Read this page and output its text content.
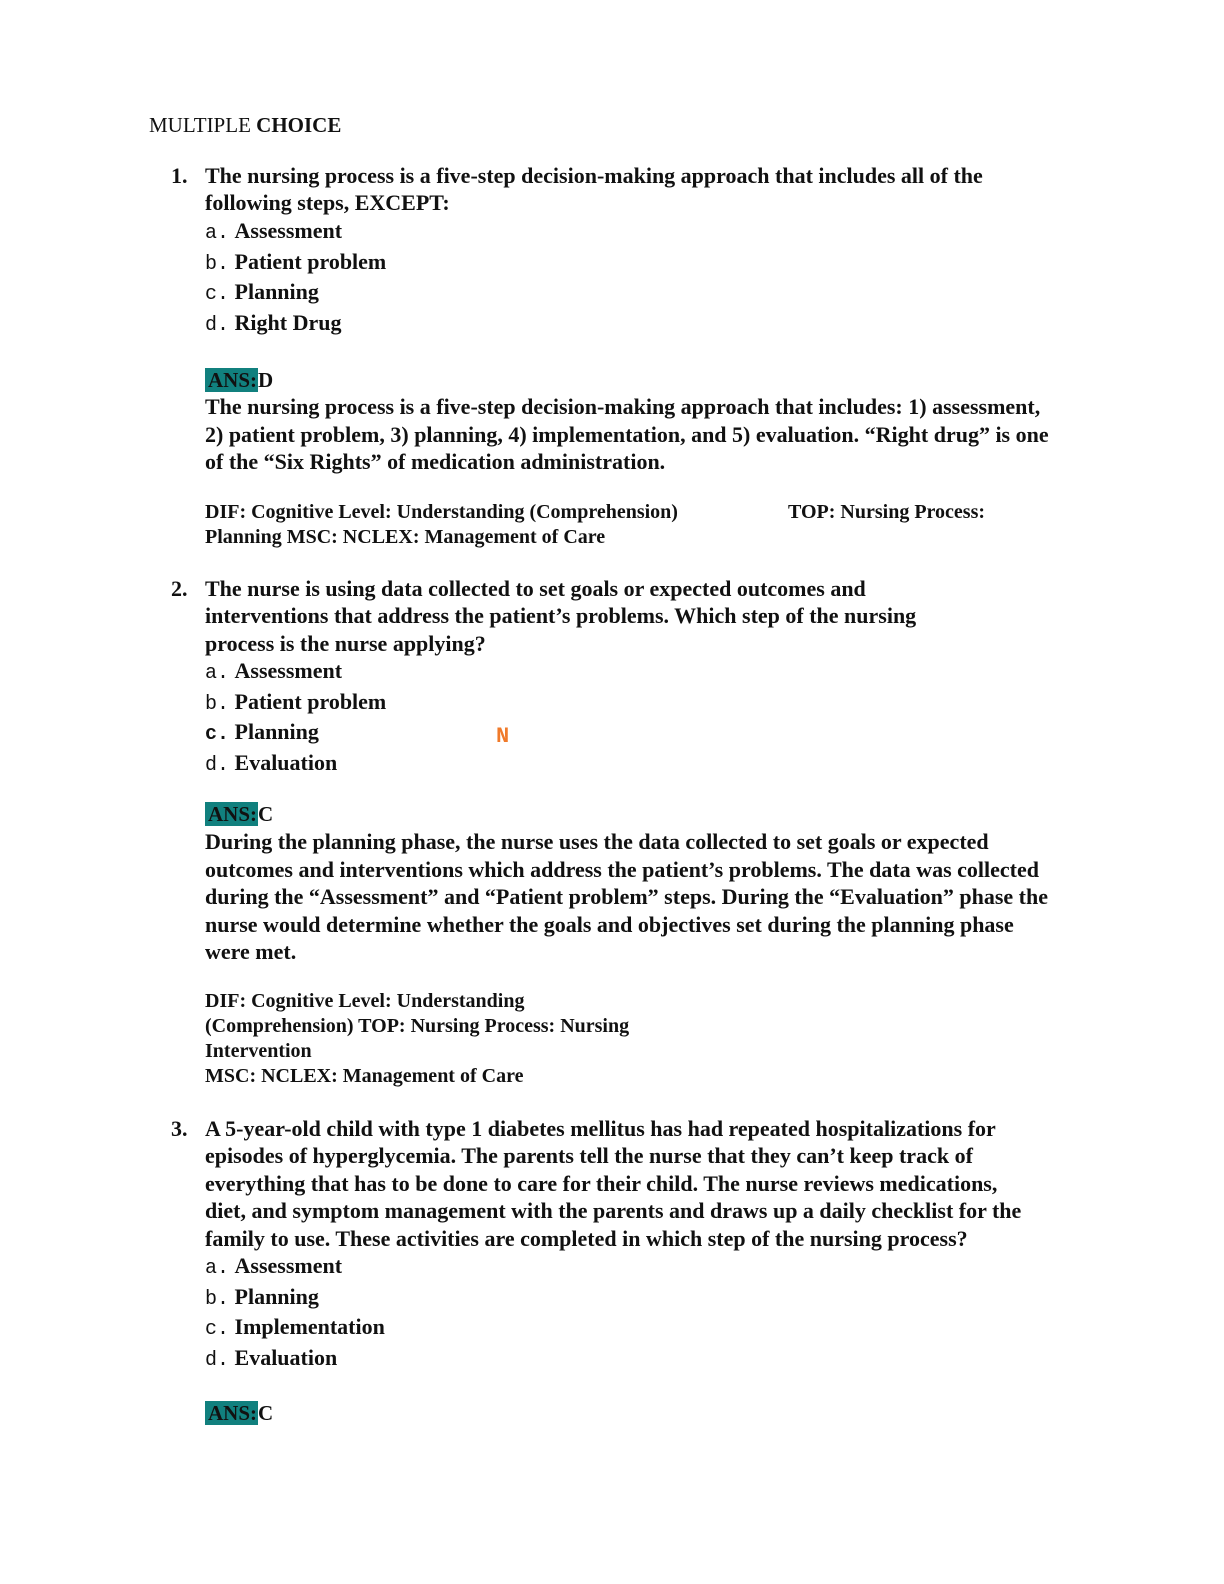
MULTIPLE CHOICE
1. The nursing process is a five-step decision-making approach that includes all of the
following steps, EXCEPT:
a. Assessment
b. Patient problem
c. Planning
d. Right Drug
ANS:D
The nursing process is a five-step decision-making approach that includes: 1) assessment,
2) patient problem, 3) planning, 4) implementation, and 5) evaluation. “Right drug” is one
of the “Six Rights” of medication administration.
DIF: Cognitive Level: Understanding (Comprehension)	TOP: Nursing Process:
Planning MSC: NCLEX: Management of Care
2. The nurse is using data collected to set goals or expected outcomes and
interventions that address the patient’s problems. Which step of the nursing
process is the nurse applying?
a. Assessment
b. Patient problem
c. Planning
d. Evaluation
N
ANS:C
During the planning phase, the nurse uses the data collected to set goals or expected
outcomes and interventions which address the patient’s problems. The data was collected
during the “Assessment” and “Patient problem” steps. During the “Evaluation” phase the
nurse would determine whether the goals and objectives set during the planning phase
were met.
DIF: Cognitive Level: Understanding
(Comprehension) TOP: Nursing Process: Nursing
Intervention
MSC: NCLEX: Management of Care
3. A 5-year-old child with type 1 diabetes mellitus has had repeated hospitalizations for
episodes of hyperglycemia. The parents tell the nurse that they can’t keep track of
everything that has to be done to care for their child. The nurse reviews medications,
diet, and symptom management with the parents and draws up a daily checklist for the
family to use. These activities are completed in which step of the nursing process?
a. Assessment
b. Planning
c. Implementation
d. Evaluation
ANS:C
